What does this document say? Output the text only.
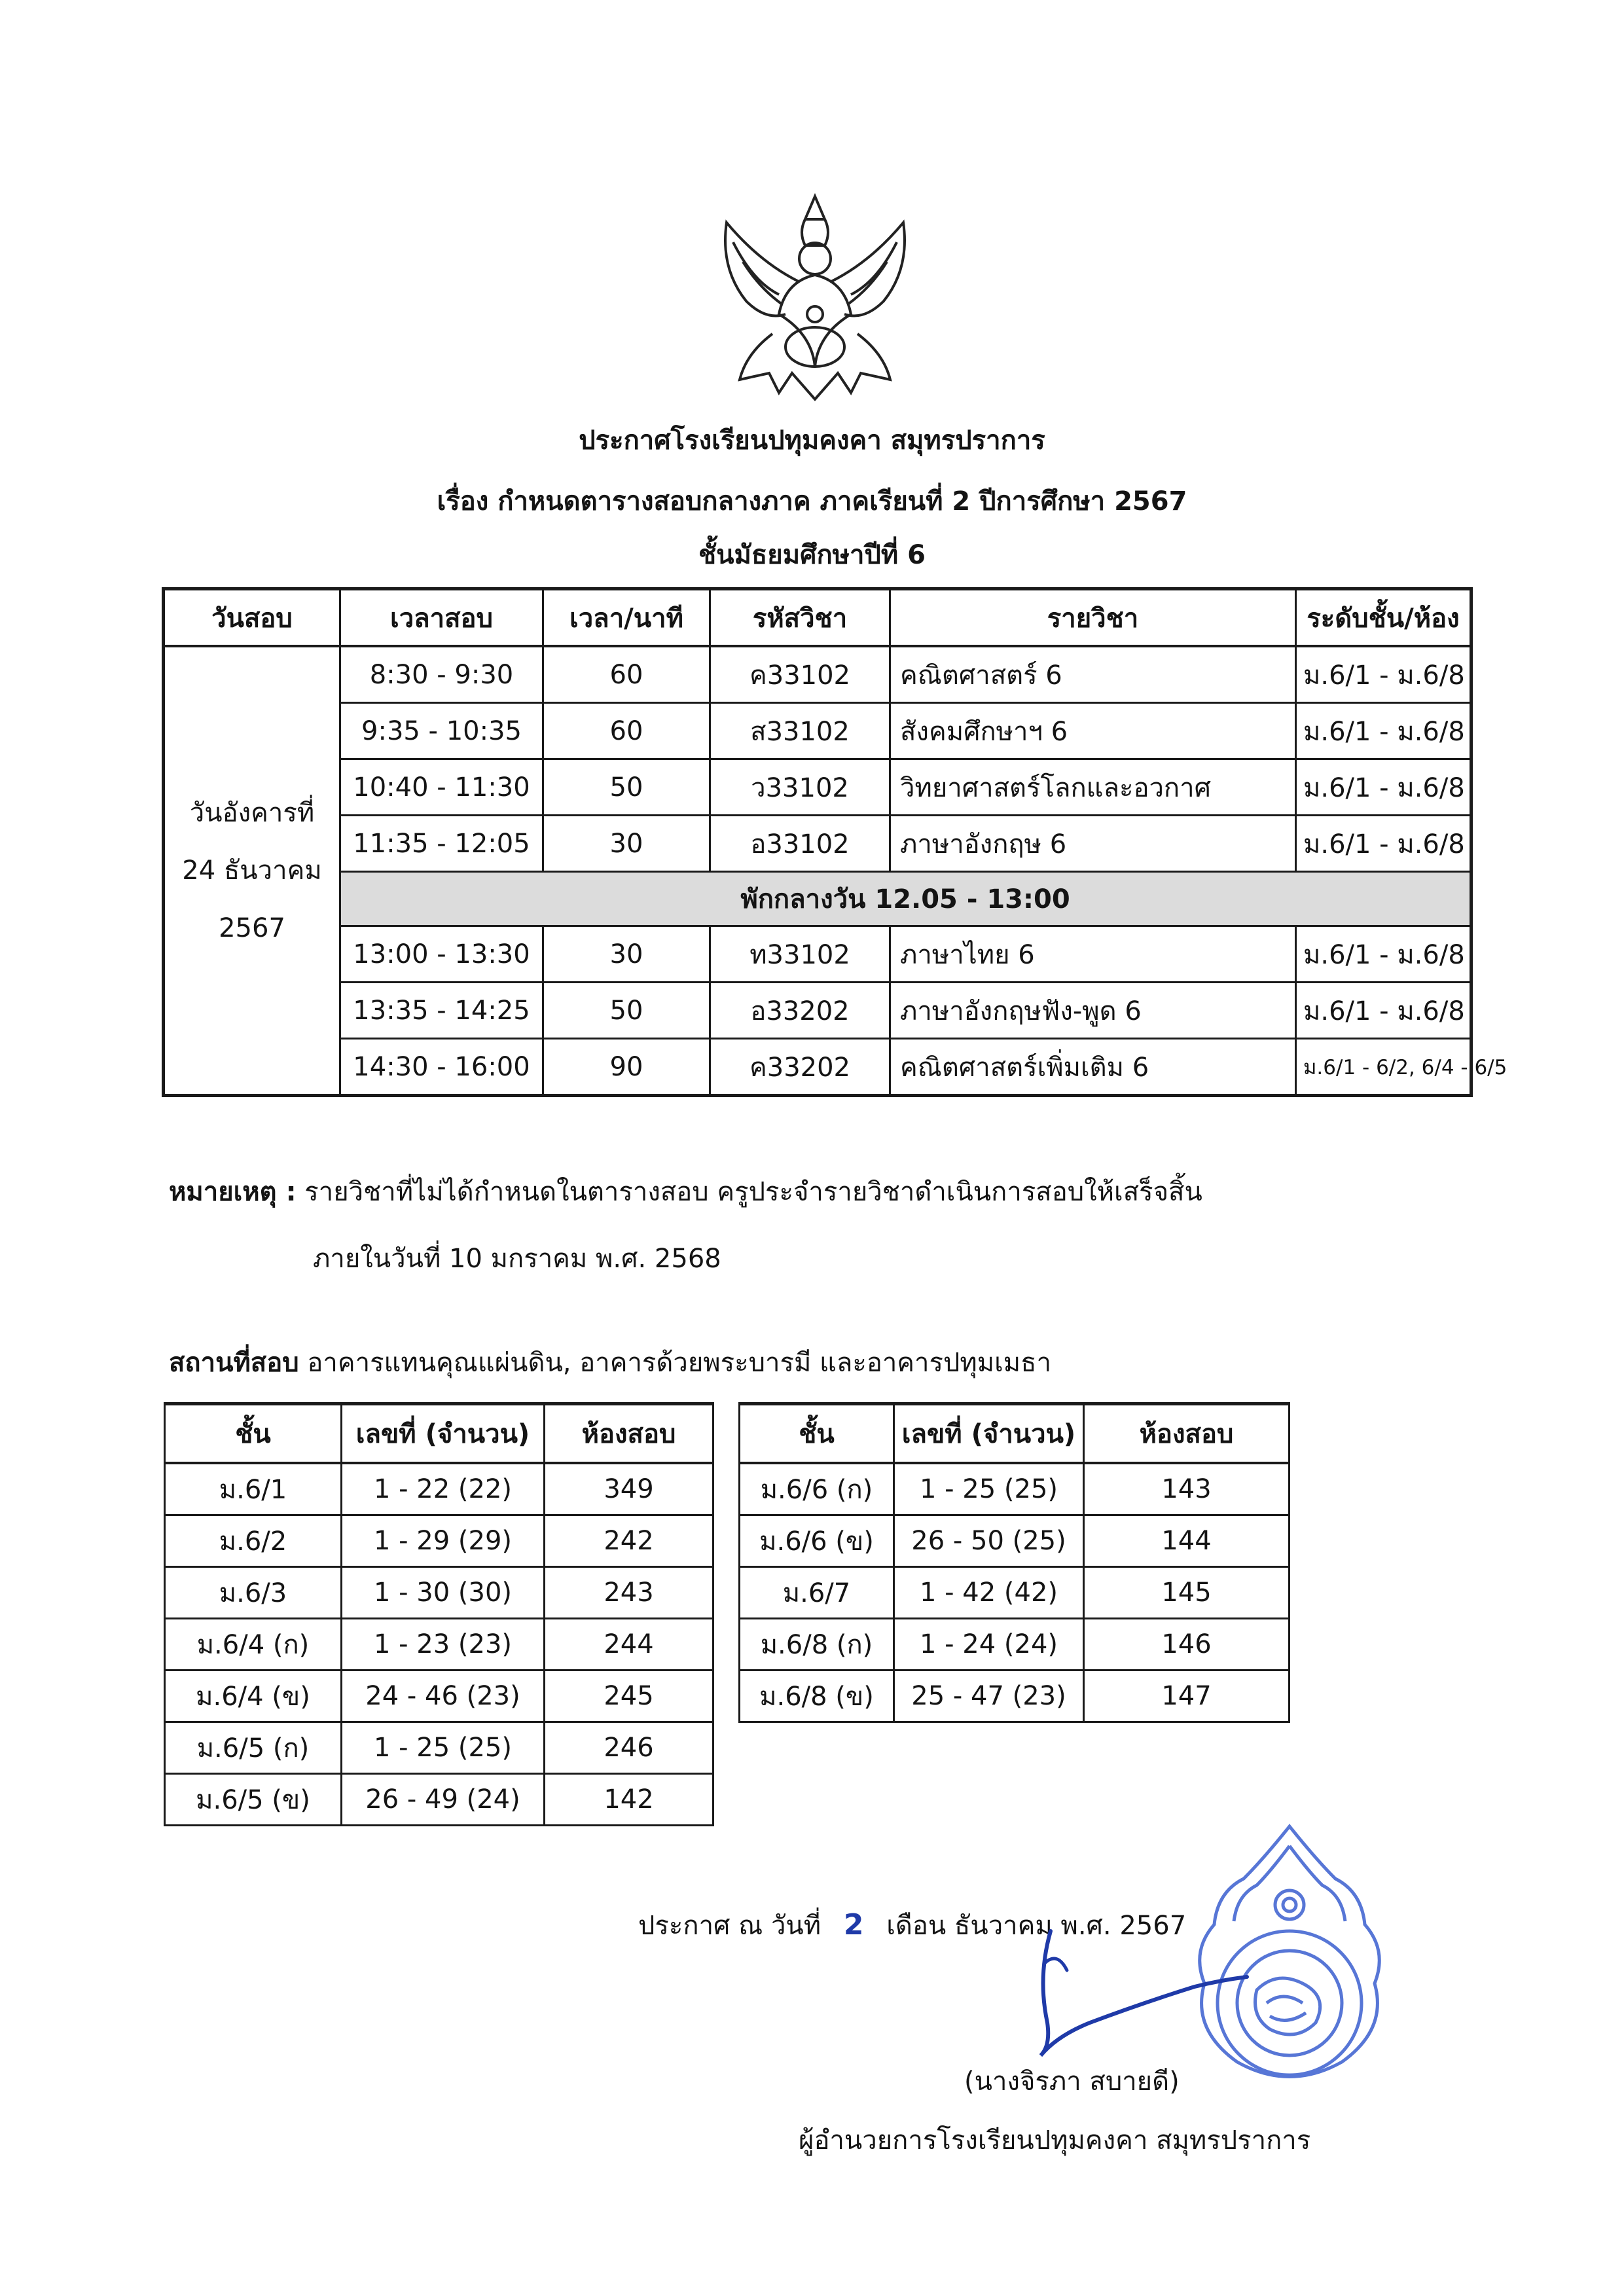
ประกาศโรงเรียนปทุมคงคา สมุทรปราการ
เรื่อง กำหนดตารางสอบกลางภาค ภาคเรียนที่ 2 ปีการศึกษา 2567
ชั้นมัธยมศึกษาปีที่ 6
วันสอบ	เวลาสอบ	เวลา/นาที	รหัสวิชา	รายวิชา	ระดับชั้น/ห้อง
วันอังคารที่
24 ธันวาคม
2567	8:30 - 9:30	60	ค33102	คณิตศาสตร์ 6	ม.6/1 - ม.6/8
	9:35 - 10:35	60	ส33102	สังคมศึกษาฯ 6	ม.6/1 - ม.6/8
	10:40 - 11:30	50	ว33102	วิทยาศาสตร์โลกและอวกาศ	ม.6/1 - ม.6/8
	11:35 - 12:05	30	อ33102	ภาษาอังกฤษ 6	ม.6/1 - ม.6/8
	พักกลางวัน 12.05 - 13:00				
	13:00 - 13:30	30	ท33102	ภาษาไทย 6	ม.6/1 - ม.6/8
	13:35 - 14:25	50	อ33202	ภาษาอังกฤษฟัง-พูด 6	ม.6/1 - ม.6/8
	14:30 - 16:00	90	ค33202	คณิตศาสตร์เพิ่มเติม 6	ม.6/1 - 6/2, 6/4 - 6/5
หมายเหตุ : รายวิชาที่ไม่ได้กำหนดในตารางสอบ ครูประจำรายวิชาดำเนินการสอบให้เสร็จสิ้น
ภายในวันที่ 10 มกราคม พ.ศ. 2568
สถานที่สอบ อาคารแทนคุณแผ่นดิน, อาคารด้วยพระบารมี และอาคารปทุมเมธา
ชั้น	เลขที่ (จำนวน)	ห้องสอบ
ม.6/1	1 - 22 (22)	349
ม.6/2	1 - 29 (29)	242
ม.6/3	1 - 30 (30)	243
ม.6/4 (ก)	1 - 23 (23)	244
ม.6/4 (ข)	24 - 46 (23)	245
ม.6/5 (ก)	1 - 25 (25)	246
ม.6/5 (ข)	26 - 49 (24)	142
ชั้น	เลขที่ (จำนวน)	ห้องสอบ
ม.6/6 (ก)	1 - 25 (25)	143
ม.6/6 (ข)	26 - 50 (25)	144
ม.6/7	1 - 42 (42)	145
ม.6/8 (ก)	1 - 24 (24)	146
ม.6/8 (ข)	25 - 47 (23)	147
ประกาศ ณ วันที่ 2 เดือน ธันวาคม พ.ศ. 2567
(นางจิรภา สบายดี)
ผู้อำนวยการโรงเรียนปทุมคงคา สมุทรปราการ
